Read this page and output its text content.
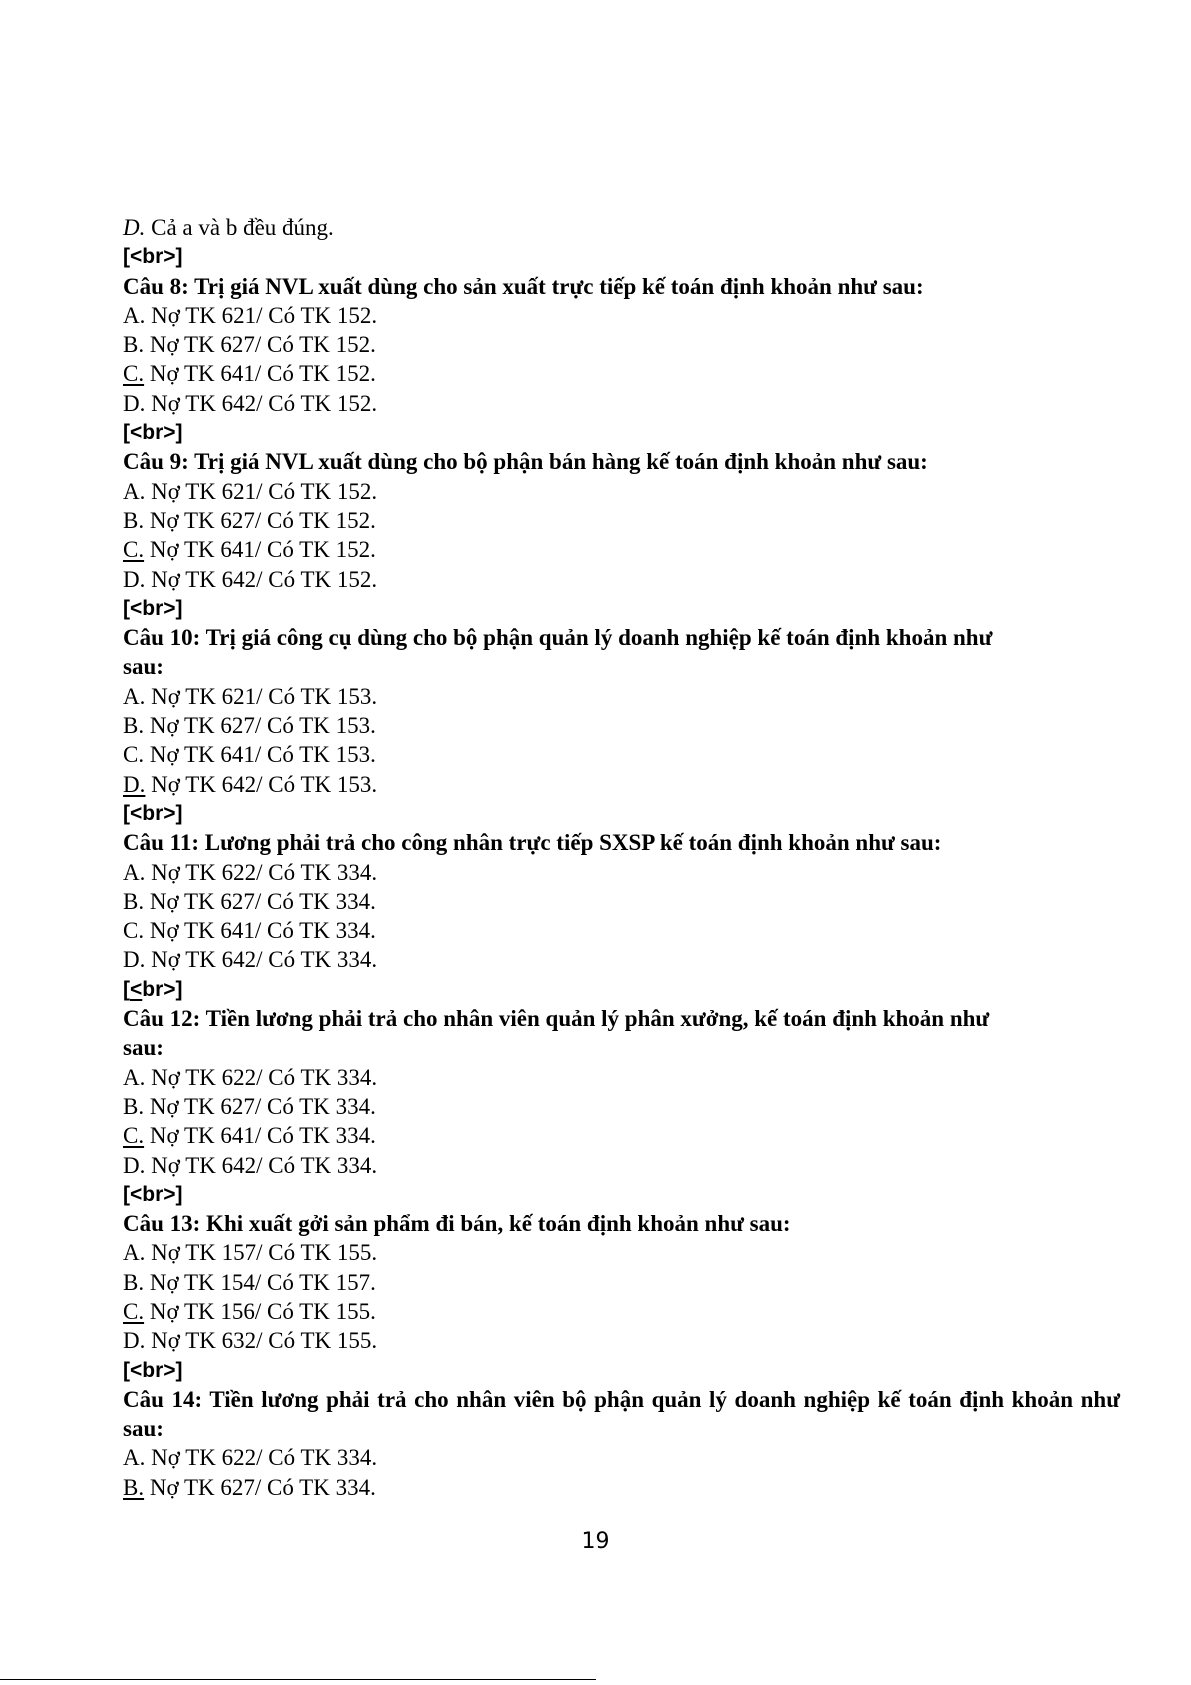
D. Cả a và b đều đúng.
[<br>]
Câu 8: Trị giá NVL xuất dùng cho sản xuất trực tiếp kế toán định khoản như sau:
A. Nợ TK 621/ Có TK 152.
B. Nợ TK 627/ Có TK 152.
C. Nợ TK 641/ Có TK 152.
D. Nợ TK 642/ Có TK 152.
[<br>]
Câu 9: Trị giá NVL xuất dùng cho bộ phận bán hàng kế toán định khoản như sau:
A. Nợ TK 621/ Có TK 152.
B. Nợ TK 627/ Có TK 152.
C. Nợ TK 641/ Có TK 152.
D. Nợ TK 642/ Có TK 152.
[<br>]
Câu 10: Trị giá công cụ dùng cho bộ phận quản lý doanh nghiệp kế toán định khoản như
sau:
A. Nợ TK 621/ Có TK 153.
B. Nợ TK 627/ Có TK 153.
C. Nợ TK 641/ Có TK 153.
D. Nợ TK 642/ Có TK 153.
[<br>]
Câu 11: Lương phải trả cho công nhân trực tiếp SXSP kế toán định khoản như sau:
A. Nợ TK 622/ Có TK 334.
B. Nợ TK 627/ Có TK 334.
C. Nợ TK 641/ Có TK 334.
D. Nợ TK 642/ Có TK 334.
[<br>]
Câu 12: Tiền lương phải trả cho nhân viên quản lý phân xưởng, kế toán định khoản như
sau:
A. Nợ TK 622/ Có TK 334.
B. Nợ TK 627/ Có TK 334.
C. Nợ TK 641/ Có TK 334.
D. Nợ TK 642/ Có TK 334.
[<br>]
Câu 13: Khi xuất gởi sản phẩm đi bán, kế toán định khoản như sau:
A. Nợ TK 157/ Có TK 155.
B. Nợ TK 154/ Có TK 157.
C. Nợ TK 156/ Có TK 155.
D. Nợ TK 632/ Có TK 155.
[<br>]
Câu 14: Tiền lương phải trả cho nhân viên bộ phận quản lý doanh nghiệp kế toán định khoản như sau:
A. Nợ TK 622/ Có TK 334.
B. Nợ TK 627/ Có TK 334.
19
